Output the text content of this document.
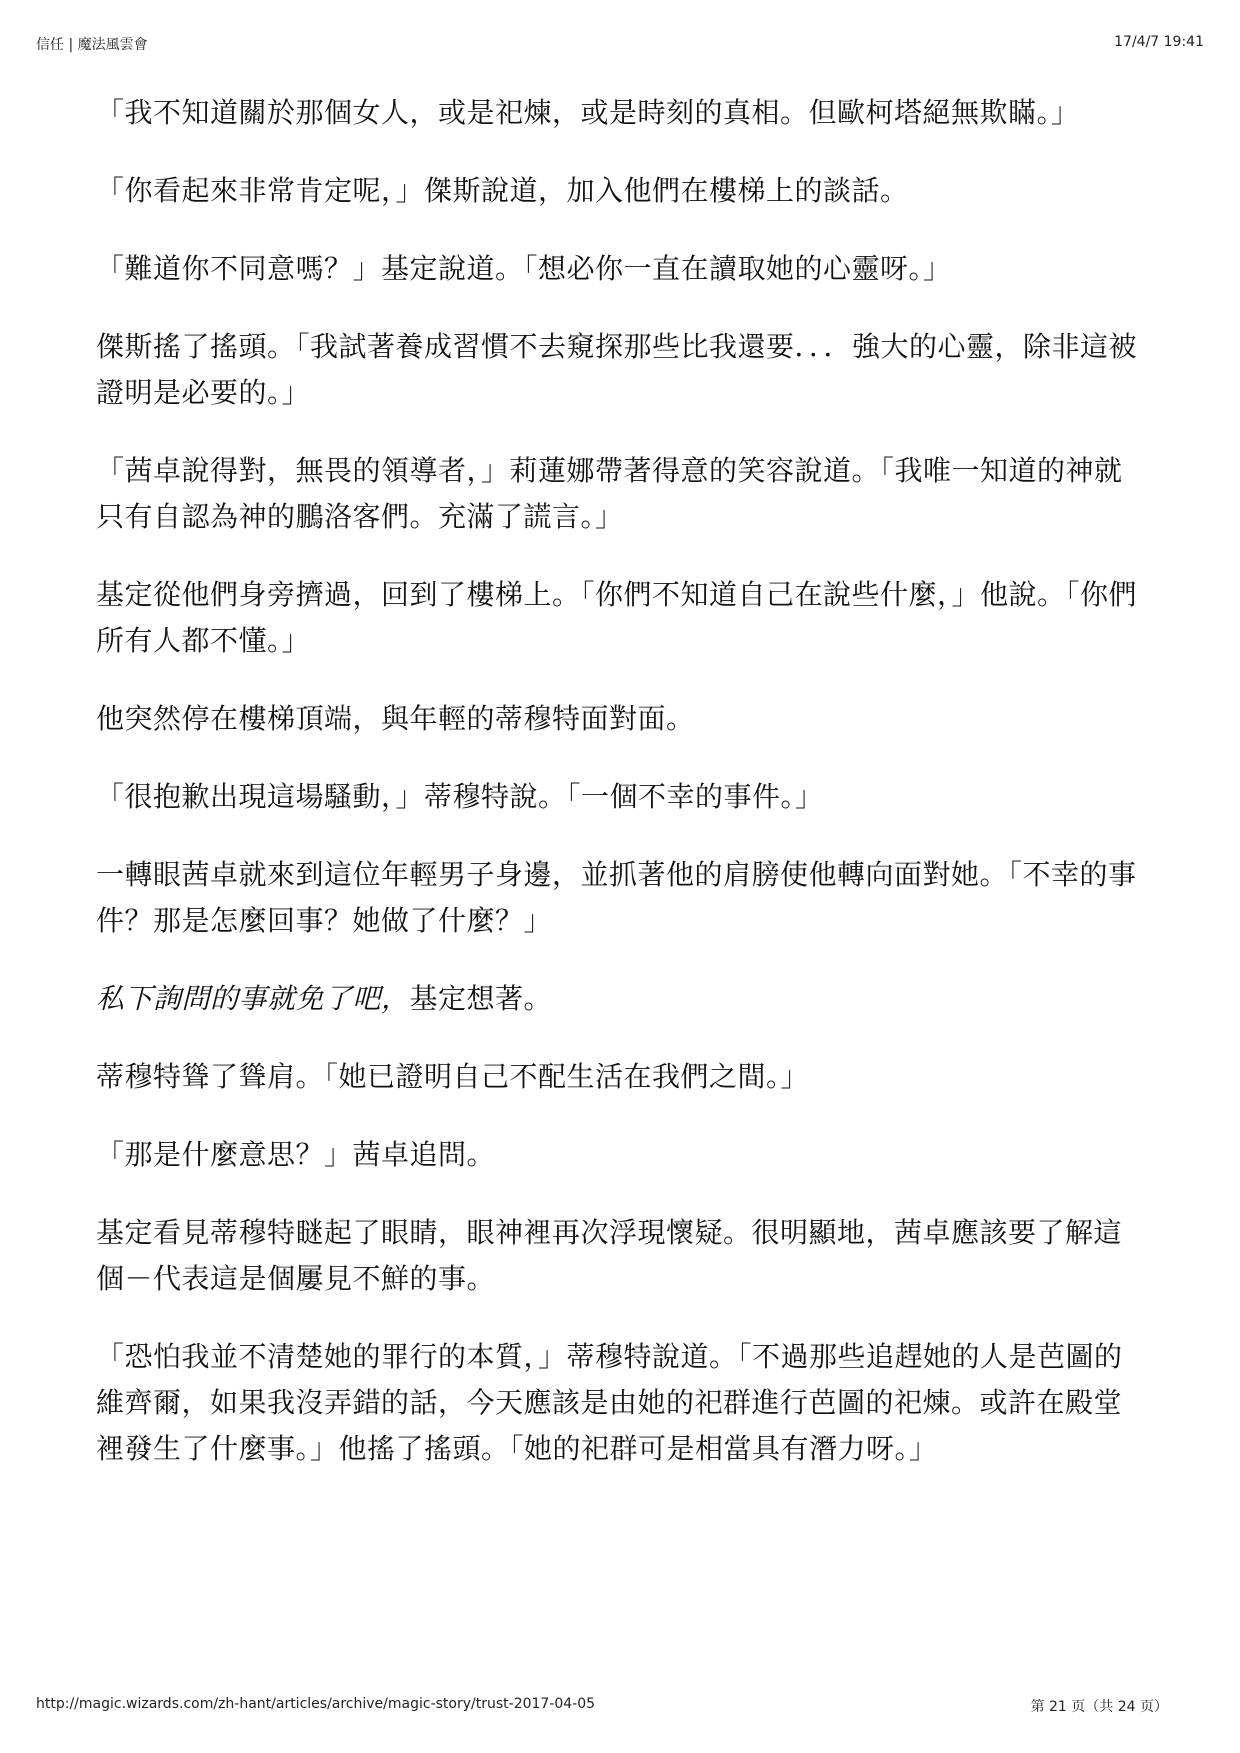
信任 | 魔法風雲會	17/4/7 19:41

「我不知道關於那個女人，或是祀煉，或是時刻的真相。但歐柯塔絕無欺瞞。」

「你看起來非常肯定呢，」傑斯說道，加入他們在樓梯上的談話。

「難道你不同意嗎？」基定說道。「想必你一直在讀取她的心靈呀。」

傑斯搖了搖頭。「我試著養成習慣不去窺探那些比我還要．．．強大的心靈，除非這被證明是必要的。」

「茜卓說得對，無畏的領導者，」莉蓮娜帶著得意的笑容說道。「我唯一知道的神就只有自認為神的鵬洛客們。充滿了謊言。」

基定從他們身旁擠過，回到了樓梯上。「你們不知道自己在說些什麼，」他說。「你們所有人都不懂。」

他突然停在樓梯頂端，與年輕的蒂穆特面對面。

「很抱歉出現這場騷動，」蒂穆特說。「一個不幸的事件。」

一轉眼茜卓就來到這位年輕男子身邊，並抓著他的肩膀使他轉向面對她。「不幸的事件？那是怎麼回事？她做了什麼？」

私下詢問的事就免了吧，基定想著。

蒂穆特聳了聳肩。「她已證明自己不配生活在我們之間。」

「那是什麼意思？」茜卓追問。

基定看見蒂穆特瞇起了眼睛，眼神裡再次浮現懷疑。很明顯地，茜卓應該要了解這個－代表這是個屢見不鮮的事。

「恐怕我並不清楚她的罪行的本質，」蒂穆特說道。「不過那些追趕她的人是芭圖的維齊爾，如果我沒弄錯的話，今天應該是由她的祀群進行芭圖的祀煉。或許在殿堂裡發生了什麼事。」他搖了搖頭。「她的祀群可是相當具有潛力呀。」

http://magic.wizards.com/zh-hant/articles/archive/magic-story/trust-2017-04-05	第 21 页（共 24 页）
